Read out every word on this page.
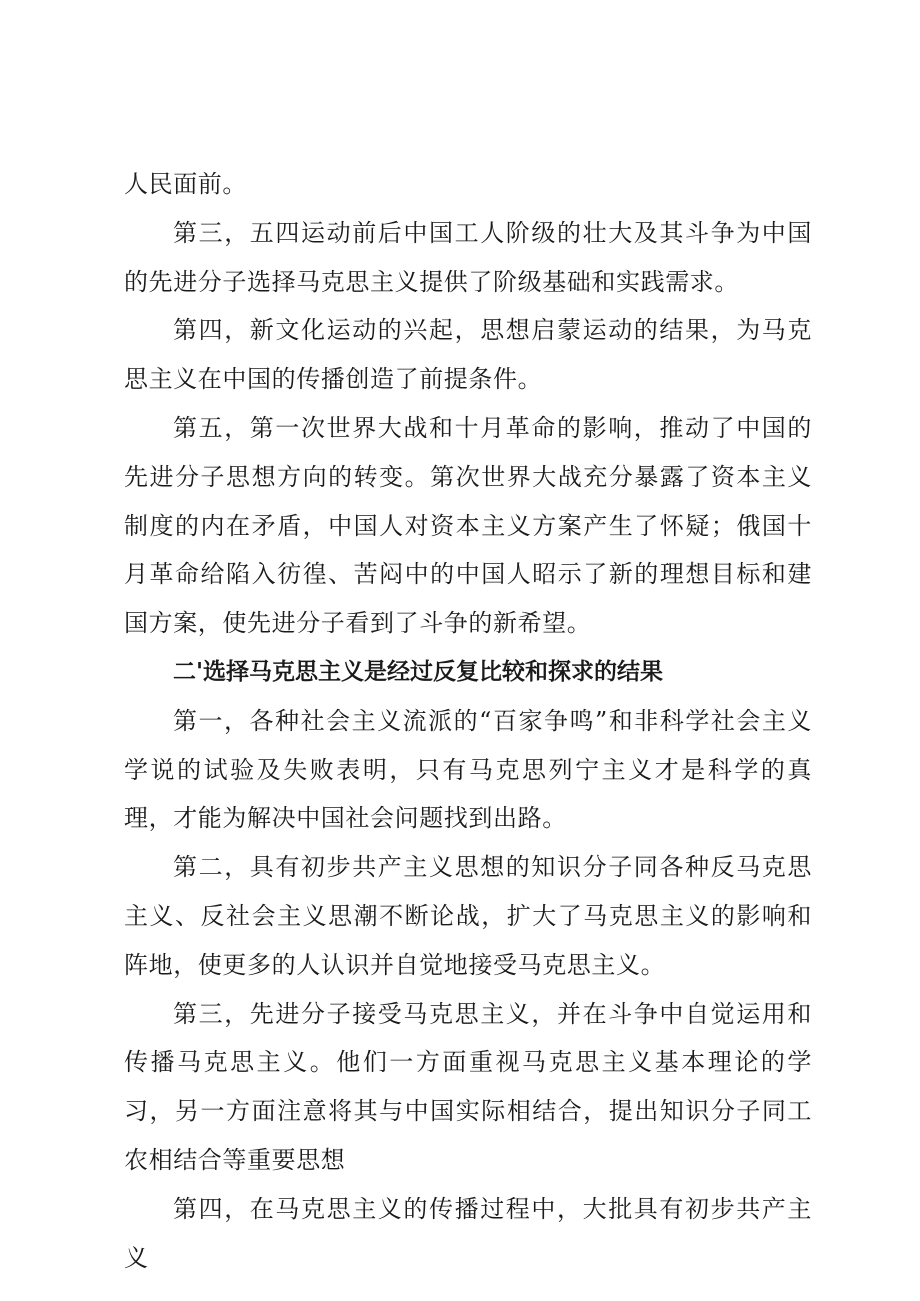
人民面前。

第三，五四运动前后中国工人阶级的壮大及其斗争为中国的先进分子选择马克思主义提供了阶级基础和实践需求。

第四，新文化运动的兴起，思想启蒙运动的结果，为马克思主义在中国的传播创造了前提条件。

第五，第一次世界大战和十月革命的影响，推动了中国的先进分子思想方向的转变。第次世界大战充分暴露了资本主义制度的内在矛盾，中国人对资本主义方案产生了怀疑；俄国十月革命给陷入彷徨、苦闷中的中国人昭示了新的理想目标和建国方案，使先进分子看到了斗争的新希望。

二'选择马克思主义是经过反复比较和探求的结果

第一，各种社会主义流派的“百家争鸣”和非科学社会主义学说的试验及失败表明，只有马克思列宁主义才是科学的真理，才能为解决中国社会问题找到出路。

第二，具有初步共产主义思想的知识分子同各种反马克思主义、反社会主义思潮不断论战，扩大了马克思主义的影响和阵地，使更多的人认识并自觉地接受马克思主义。

第三，先进分子接受马克思主义，并在斗争中自觉运用和传播马克思主义。他们一方面重视马克思主义基本理论的学习，另一方面注意将其与中国实际相结合，提出知识分子同工农相结合等重要思想

第四，在马克思主义的传播过程中，大批具有初步共产主义
